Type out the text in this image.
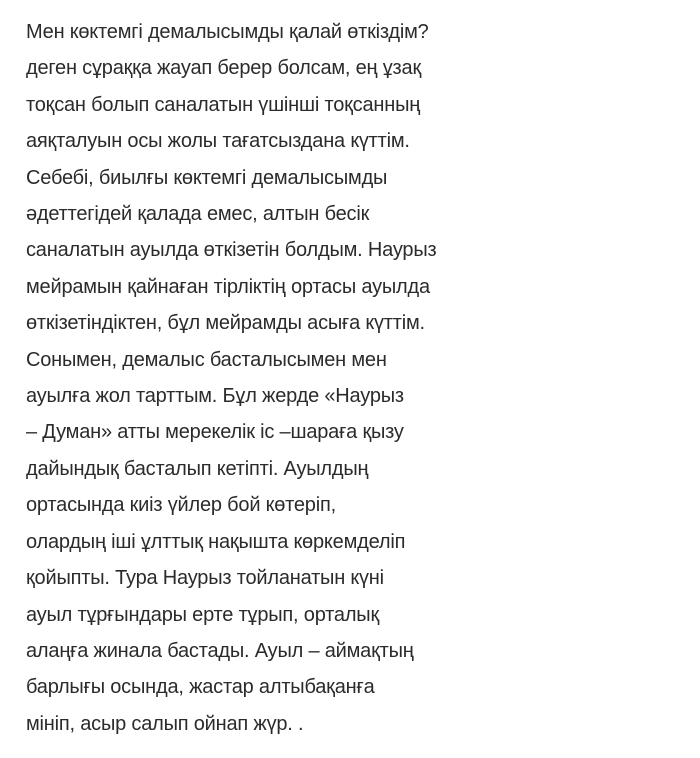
Мен көктемгі демалысымды қалай өткіздім?
деген сұраққа жауап берер болсам, ең ұзақ
тоқсан болып саналатын үшінші тоқсанның
аяқталуын осы жолы тағатсыздана күттім.
Себебі, биылғы көктемгі демалысымды
әдеттегідей қалада емес, алтын бесік
саналатын ауылда өткізетін болдым. Наурыз
мейрамын қайнаған тірліктің ортасы ауылда
өткізетіндіктен, бұл мейрамды асыға күттім.
Сонымен, демалыс басталысымен мен
ауылға жол тарттым. Бұл жерде «Наурыз
– Думан» атты мерекелік іс –шараға қызу
дайындық басталып кетіпті. Ауылдың
ортасында киіз үйлер бой көтеріп,
олардың іші ұлттық нақышта көркемделіп
қойыпты. Тура Наурыз тойланатын күні
ауыл тұрғындары ерте тұрып, орталық
алаңға жинала бастады. Ауыл – аймақтың
барлығы осында, жастар алтыбақанға
мініп, асыр салып ойнап жүр. .
